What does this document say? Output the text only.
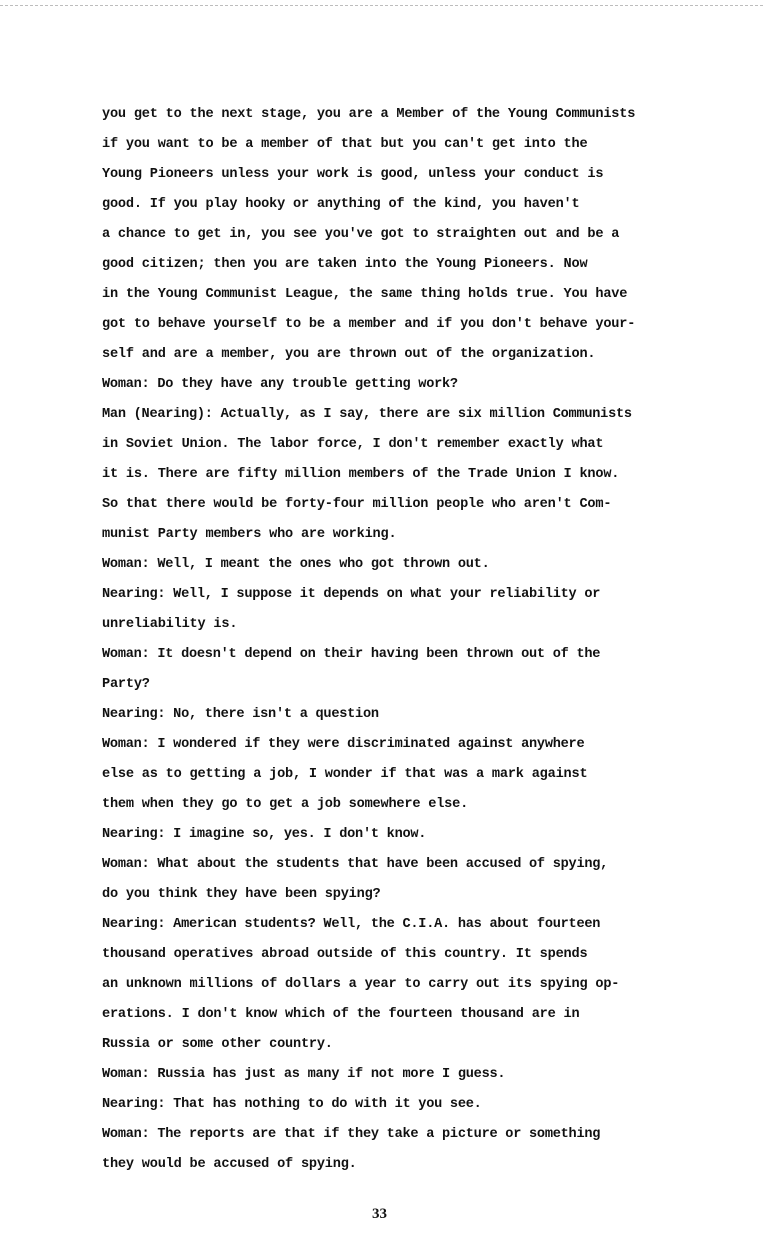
you get to the next stage, you are a Member of the Young Communists
if you want to be a member of that but you can't get into the
Young Pioneers unless your work is good, unless your conduct is
good. If you play hooky or anything of the kind, you haven't
a chance to get in, you see you've got to straighten out and be a
good citizen; then you are taken into the Young Pioneers. Now
in the Young Communist League, the same thing holds true. You have
got to behave yourself to be a member and if you don't behave your-
self and are a member, you are thrown out of the organization.
Woman: Do they have any trouble getting work?
Man (Nearing): Actually, as I say, there are six million Communists
in Soviet Union. The labor force, I don't remember exactly what
it is. There are fifty million members of the Trade Union I know.
So that there would be forty-four million people who aren't Com-
munist Party members who are working.
Woman: Well, I meant the ones who got thrown out.
Nearing: Well, I suppose it depends on what your reliability or
unreliability is.
Woman: It doesn't depend on their having been thrown out of the
Party?
Nearing: No, there isn't a question
Woman: I wondered if they were discriminated against anywhere
else as to getting a job, I wonder if that was a mark against
them when they go to get a job somewhere else.
Nearing: I imagine so, yes. I don't know.
Woman: What about the students that have been accused of spying,
do you think they have been spying?
Nearing: American students? Well, the C.I.A. has about fourteen
thousand operatives abroad outside of this country. It spends
an unknown millions of dollars a year to carry out its spying op-
erations. I don't know which of the fourteen thousand are in
Russia or some other country.
Woman: Russia has just as many if not more I guess.
Nearing: That has nothing to do with it you see.
Woman: The reports are that if they take a picture or something
they would be accused of spying.
33
